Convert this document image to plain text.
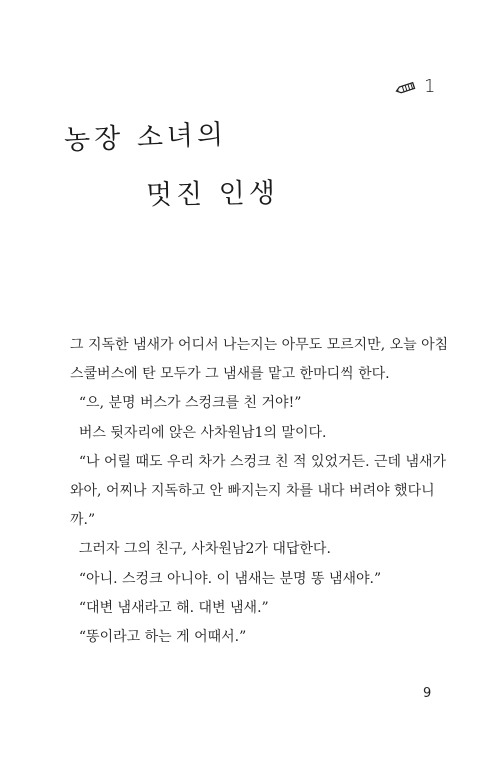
1
농장 소녀의
멋진 인생

그 지독한 냄새가 어디서 나는지는 아무도 모르지만, 오늘 아침

스쿨버스에 탄 모두가 그 냄새를 맡고 한마디씩 한다.

“으, 분명 버스가 스컹크를 친 거야!”

버스 뒷자리에 앉은 사차원남1의 말이다.

“나 어릴 때도 우리 차가 스컹크 친 적 있었거든. 근데 냄새가

와아, 어찌나 지독하고 안 빠지는지 차를 내다 버려야 했다니

까.”

그러자 그의 친구, 사차원남2가 대답한다.

“아니. 스컹크 아니야. 이 냄새는 분명 똥 냄새야.”

“대변 냄새라고 해. 대변 냄새.”

“똥이라고 하는 게 어때서.”

9
